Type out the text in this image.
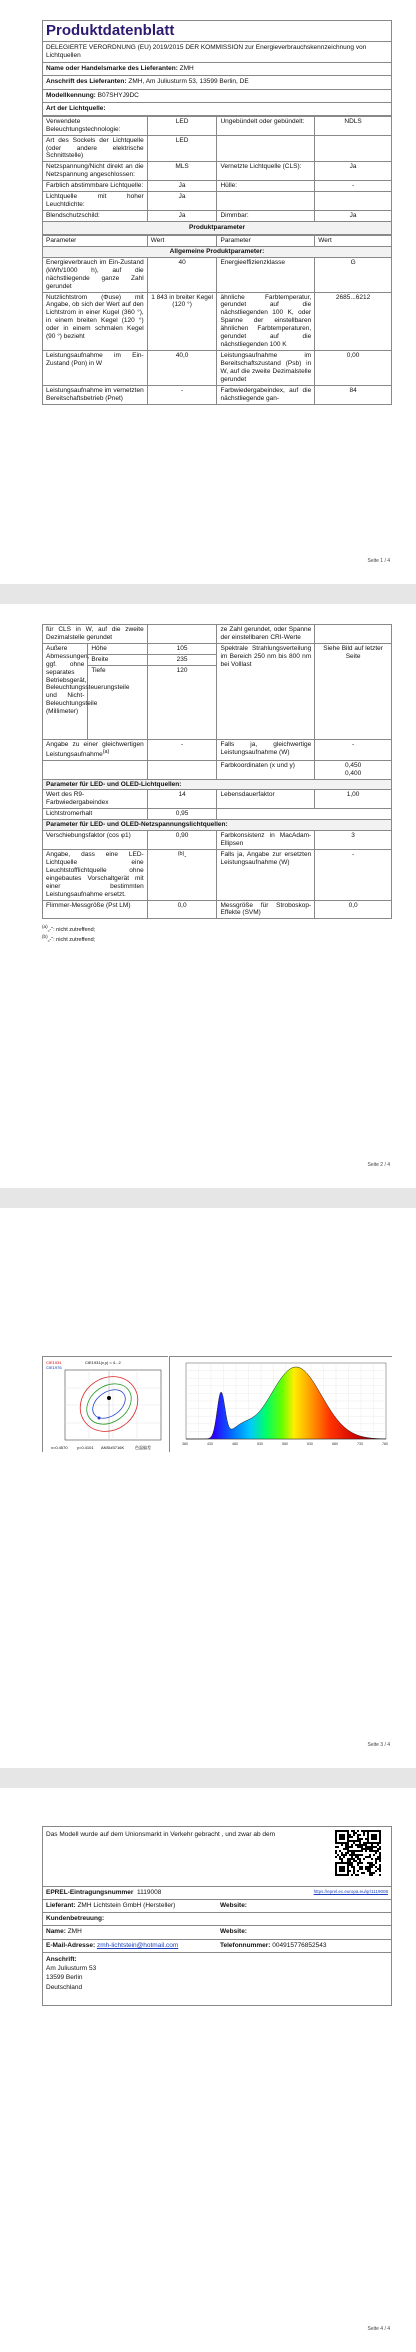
Produktdatenblatt
DELEGIERTE VERORDNUNG (EU) 2019/2015 DER KOMMISSION zur Energieverbrauchskennzeichnung von Lichtquellen
Name oder Handelsmarke des Lieferanten: ZMH
Anschrift des Lieferanten: ZMH, Am Juliusturm 53, 13599 Berlin, DE
Modellkennung: B07SHYJ9DC
Art der Lichtquelle:
Verwendete Beleuchtungstechnologie:	LED	Ungebündelt oder gebündelt:	NDLS
Art des Sockels der Lichtquelle (oder andere elektrische Schnittstelle)	LED		
Netzspannung/Nicht direkt an die Netzspannung angeschlossen:	MLS	Vernetzte Lichtquelle (CLS):	Ja
Farblich abstimmbare Lichtquelle:	Ja	Hülle:	-
Lichtquelle mit hoher Leuchtdichte:	Ja		
Blendschutzschild:	Ja	Dimmbar:	Ja
Produktparameter
Parameter	Wert	Parameter	Wert
Allgemeine Produktparameter:			
Energieverbrauch im Ein-Zustand (kWh/1000 h), auf die nächstliegende ganze Zahl gerundet	40	Energieeffizienzklasse	G
Nutzlichtstrom (Φuse) mit Angabe, ob sich der Wert auf den Lichtstrom in einer Kugel (360 °), in einem breiten Kegel (120 °) oder in einem schmalen Kegel (90 °) bezieht	1 843 in breiter Kegel (120 °)	ähnliche Farbtemperatur, gerundet auf die nächstliegenden 100 K, oder Spanne der einstellbaren ähnlichen Farbtemperaturen, gerundet auf die nächstliegenden 100 K	2685...6212
Leistungsaufnahme im Ein-Zustand (Pon) in W	40,0	Leistungsaufnahme im Bereitschaftszustand (Psb) in W, auf die zweite Dezimalstelle gerundet	0,00
Leistungsaufnahme im vernetzten Bereitschaftsbetrieb (Pnet)	-	Farbwiedergabeindex, auf die nächstliegende gan-	84
Seite 1 / 4
für CLS in W, auf die zweite Dezimalstelle gerundet			ze Zahl gerundet, oder Spanne der einstellbaren CRI-Werte	
Außere Abmessungen, ggf. ohne separates Betriebsgerät, Beleuchtungssteuerungsteile und Nicht-Beleuchtungsteile (Millimeter)	Höhe	105	Spektrale Strahlungsverteilung im Bereich 250 nm bis 800 nm bei Volllast	Siehe Bild auf letzter Seite
	Breite	235		
	Tiefe	120		
Angabe zu einer gleichwertigen Leistungsaufnahme$^{(a)}$		-	Falls ja, gleichwertige Leistungsaufnahme (W)	-
			Farbkoordinaten (x und y)	0,450
0,400
Parameter für LED- und OLED-Lichtquellen:				
Wert des R9-Farbwiedergabeindex		14	Lebensdauerfaktor	1,00
Lichtstromerhalt		0,95		
Parameter für LED- und OLED-Netzspannungslichtquellen:				
Verschiebungsfaktor (cos φ1)		0,90	Farbkonsistenz in MacAdam-Ellipsen	3
Angabe, dass eine LED-Lichtquelle eine Leuchtstofflichtquelle ohne eingebautes Vorschaltgerät mit einer bestimmten Leistungsaufnahme ersetzt.		$^{(b)}$-	Falls ja, Angabe zur ersetzten Leistungsaufnahme (W)	-
Flimmer-Messgröße (Pst LM)		0,0	Messgröße für Stroboskop-Effekte (SVM)	0,0
$^{(a)}$„-“: nicht zutreffend;
$^{(b)}$„-“: nicht zutreffend;
Seite 2 / 4
CIE1931
CIE1976
CIE1931(x,y) = 4...2
x=0.4570 y=0.4101 ANSI#3716K	色温偏差
380	430	480	530	580	630	680	730	780
Seite 3 / 4
Das Modell wurde auf dem Unionsmarkt in Verkehr gebracht , und zwar ab dem
EPREL-Eintragungsnummer 1119008	https://eprel.ec.europa.eu/qr/1119008
Lieferant: ZMH Lichtstein GmbH (Hersteller)	Website:
Kundenbetreuung:
Name: ZMH	Website:
E-Mail-Adresse: zmh-lichtstein@hotmail.com	Telefonnummer: 004915776852543
Anschrift:
Am Juliusturm 53
13599 Berlin
Deutschland
Seite 4 / 4
